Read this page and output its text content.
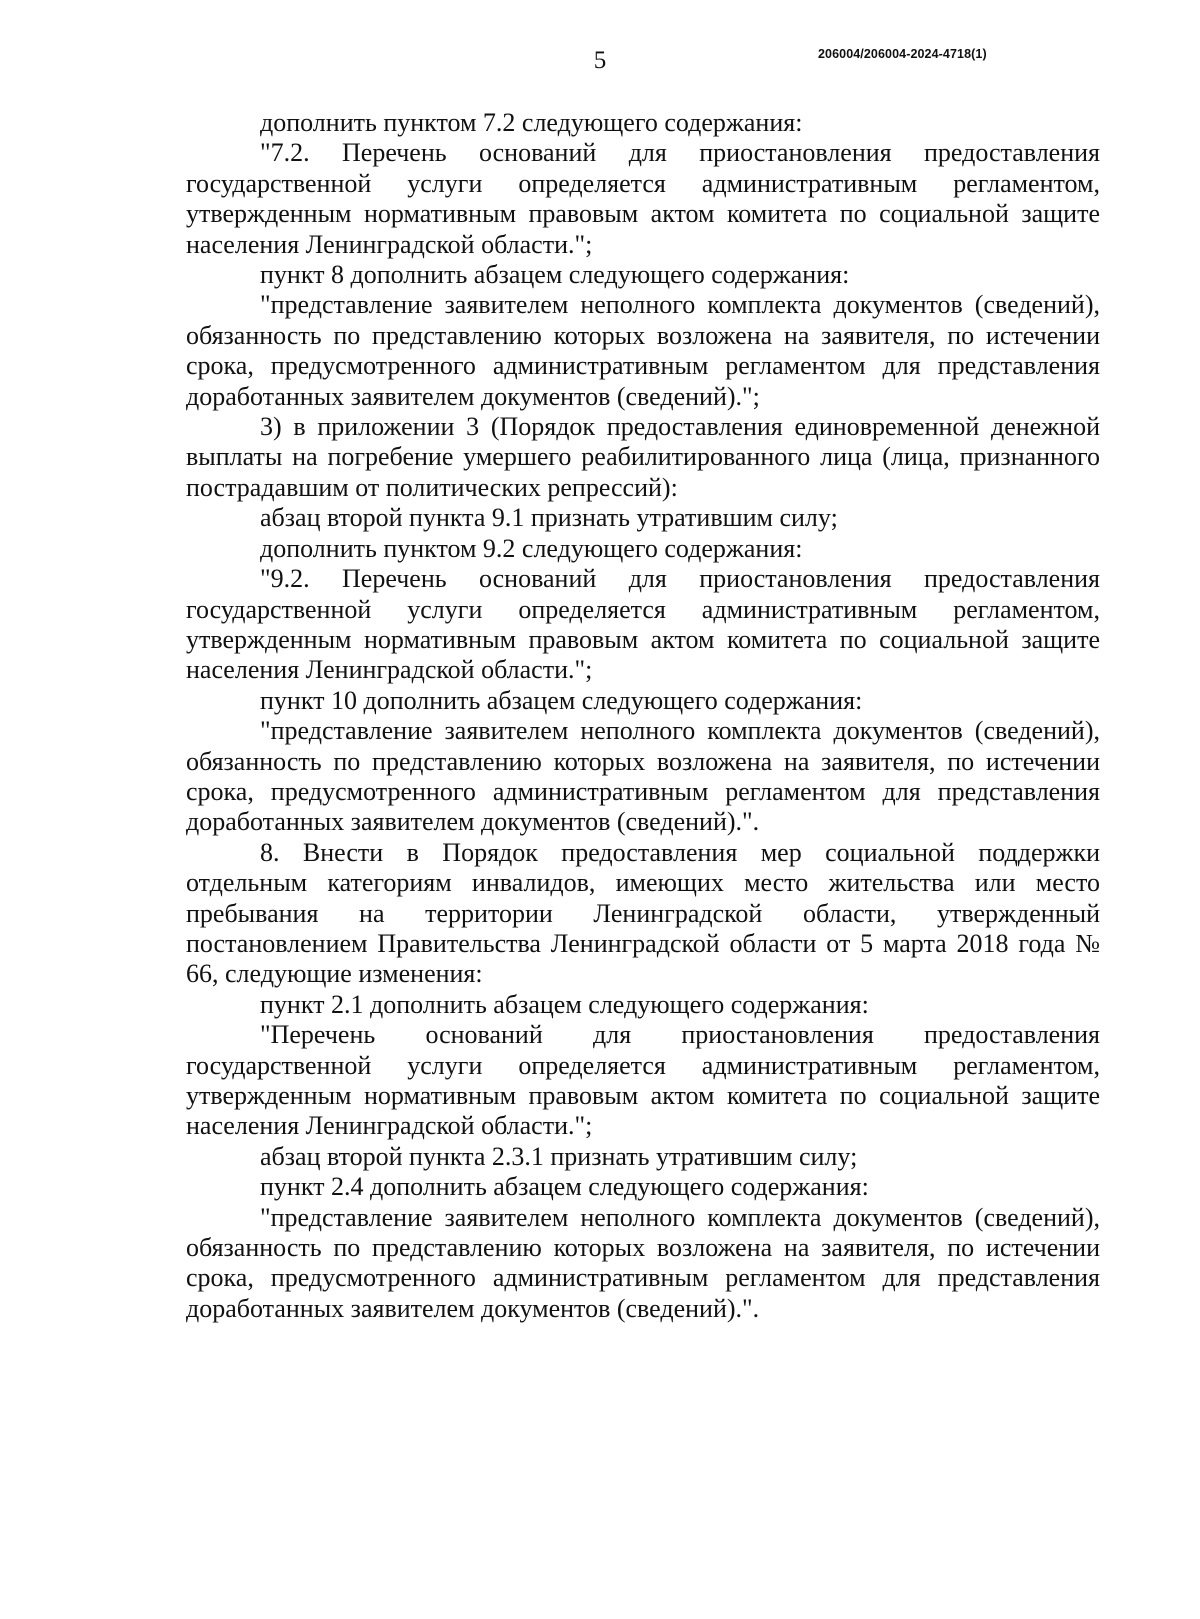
5	206004/206004-2024-4718(1)

дополнить пунктом 7.2 следующего содержания:

"7.2. Перечень оснований для приостановления предоставления государственной услуги определяется административным регламентом, утвержденным нормативным правовым актом комитета по социальной защите населения Ленинградской области.";

пункт 8 дополнить абзацем следующего содержания:

"представление заявителем неполного комплекта документов (сведений), обязанность по представлению которых возложена на заявителя, по истечении срока, предусмотренного административным регламентом для представления доработанных заявителем документов (сведений).";

3) в приложении 3 (Порядок предоставления единовременной денежной выплаты на погребение умершего реабилитированного лица (лица, признанного пострадавшим от политических репрессий):

абзац второй пункта 9.1 признать утратившим силу;

дополнить пунктом 9.2 следующего содержания:

"9.2. Перечень оснований для приостановления предоставления государственной услуги определяется административным регламентом, утвержденным нормативным правовым актом комитета по социальной защите населения Ленинградской области.";

пункт 10 дополнить абзацем следующего содержания:

"представление заявителем неполного комплекта документов (сведений), обязанность по представлению которых возложена на заявителя, по истечении срока, предусмотренного административным регламентом для представления доработанных заявителем документов (сведений).".

8. Внести в Порядок предоставления мер социальной поддержки отдельным категориям инвалидов, имеющих место жительства или место пребывания на территории Ленинградской области, утвержденный постановлением Правительства Ленинградской области от 5 марта 2018 года № 66, следующие изменения:

пункт 2.1 дополнить абзацем следующего содержания:

"Перечень оснований для приостановления предоставления государственной услуги определяется административным регламентом, утвержденным нормативным правовым актом комитета по социальной защите населения Ленинградской области.";

абзац второй пункта 2.3.1 признать утратившим силу;

пункт 2.4 дополнить абзацем следующего содержания:

"представление заявителем неполного комплекта документов (сведений), обязанность по представлению которых возложена на заявителя, по истечении срока, предусмотренного административным регламентом для представления доработанных заявителем документов (сведений).".
